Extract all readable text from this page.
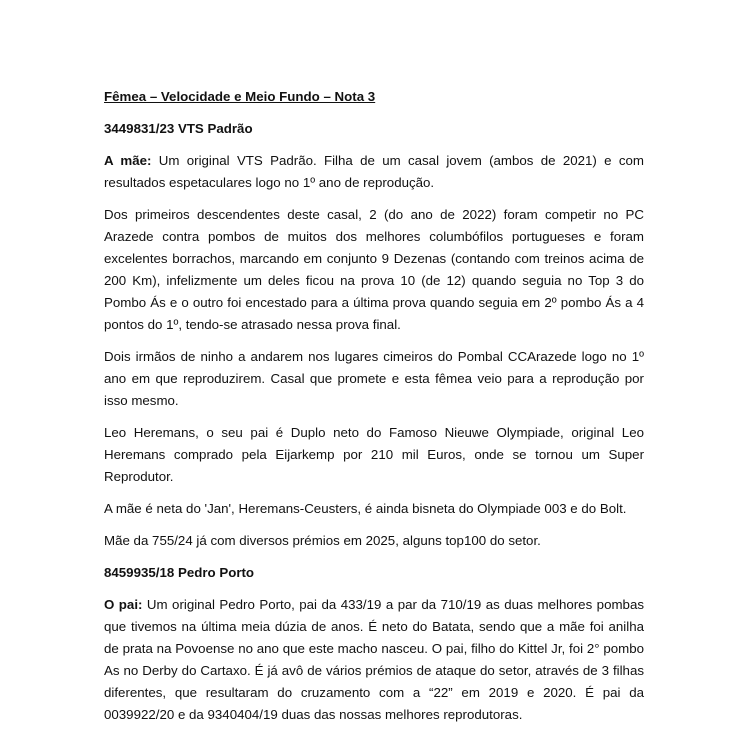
Fêmea – Velocidade e Meio Fundo – Nota 3

3449831/23 VTS Padrão

A mãe: Um original VTS Padrão. Filha de um casal jovem (ambos de 2021) e com resultados espetaculares logo no 1º ano de reprodução.

Dos primeiros descendentes deste casal, 2 (do ano de 2022) foram competir no PC Arazede contra pombos de muitos dos melhores columbófilos portugueses e foram excelentes borrachos, marcando em conjunto 9 Dezenas (contando com treinos acima de 200 Km), infelizmente um deles ficou na prova 10 (de 12) quando seguia no Top 3 do Pombo Ás e o outro foi encestado para a última prova quando seguia em 2º pombo Ás a 4 pontos do 1º, tendo-se atrasado nessa prova final.

Dois irmãos de ninho a andarem nos lugares cimeiros do Pombal CCArazede logo no 1º ano em que reproduzirem. Casal que promete e esta fêmea veio para a reprodução por isso mesmo.

Leo Heremans, o seu pai é Duplo neto do Famoso Nieuwe Olympiade, original Leo Heremans comprado pela Eijarkemp por 210 mil Euros, onde se tornou um Super Reprodutor.

A mãe é neta do 'Jan', Heremans-Ceusters, é ainda bisneta do Olympiade 003 e do Bolt.

Mãe da 755/24 já com diversos prémios em 2025, alguns top100 do setor.

8459935/18 Pedro Porto

O pai: Um original Pedro Porto, pai da 433/19 a par da 710/19 as duas melhores pombas que tivemos na última meia dúzia de anos. É neto do Batata, sendo que a mãe foi anilha de prata na Povoense no ano que este macho nasceu. O pai, filho do Kittel Jr, foi 2° pombo As no Derby do Cartaxo. É já avô de vários prémios de ataque do setor, através de 3 filhas diferentes, que resultaram do cruzamento com a “22” em 2019 e 2020. É pai da 0039922/20 e da 9340404/19 duas das nossas melhores reprodutoras.
